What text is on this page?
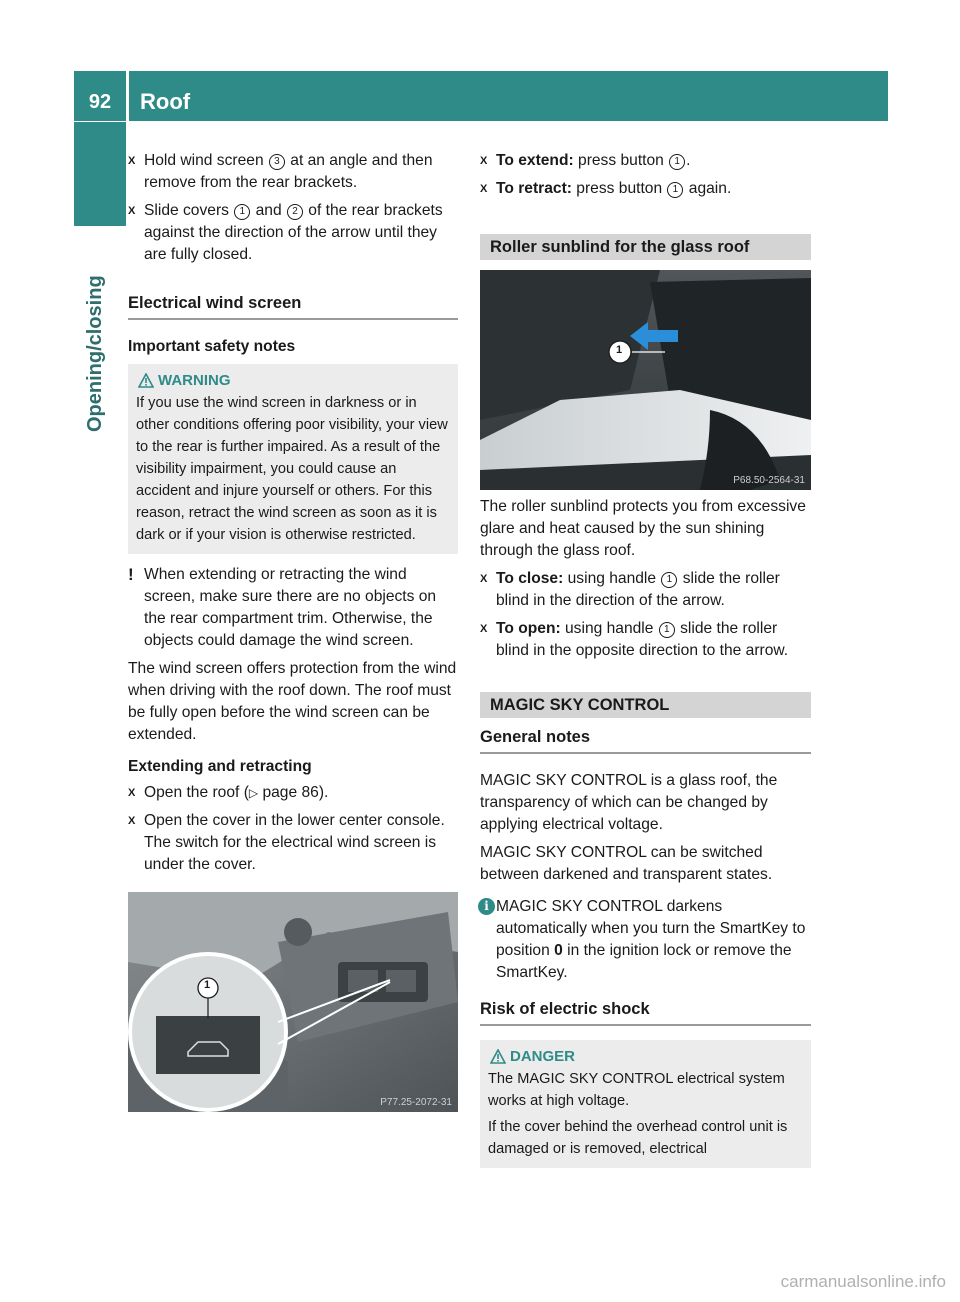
92	Roof
Opening/closing
X Hold wind screen 3 at an angle and then remove from the rear brackets.
X Slide covers 1 and 2 of the rear brackets against the direction of the arrow until they are fully closed.
Electrical wind screen
Important safety notes
WARNING

If you use the wind screen in darkness or in other conditions offering poor visibility, your view to the rear is further impaired. As a result of the visibility impairment, you could cause an accident and injure yourself or others. For this reason, retract the wind screen as soon as it is dark or if your vision is otherwise restricted.

! When extending or retracting the wind screen, make sure there are no objects on the rear compartment trim. Otherwise, the objects could damage the wind screen.

The wind screen offers protection from the wind when driving with the roof down. The roof must be fully open before the wind screen can be extended.

Extending and retracting
X Open the roof (▷ page 86).
X Open the cover in the lower center console. The switch for the electrical wind screen is under the cover.
1
P77.25-2072-31
X To extend: press button 1 .
X To retract: press button 1 again.
Roller sunblind for the glass roof
1
P68.50-2564-31

The roller sunblind protects you from excessive glare and heat caused by the sun shining through the glass roof.

X To close: using handle 1 slide the roller blind in the direction of the arrow.
X To open: using handle 1 slide the roller blind in the opposite direction to the arrow.
MAGIC SKY CONTROL
General notes

MAGIC SKY CONTROL is a glass roof, the transparency of which can be changed by applying electrical voltage.

MAGIC SKY CONTROL can be switched between darkened and transparent states.

i MAGIC SKY CONTROL darkens automatically when you turn the SmartKey to position 0 in the ignition lock or remove the SmartKey.
Risk of electric shock
DANGER

The MAGIC SKY CONTROL electrical system works at high voltage.

If the cover behind the overhead control unit is damaged or is removed, electrical

carmanualsonline.info
